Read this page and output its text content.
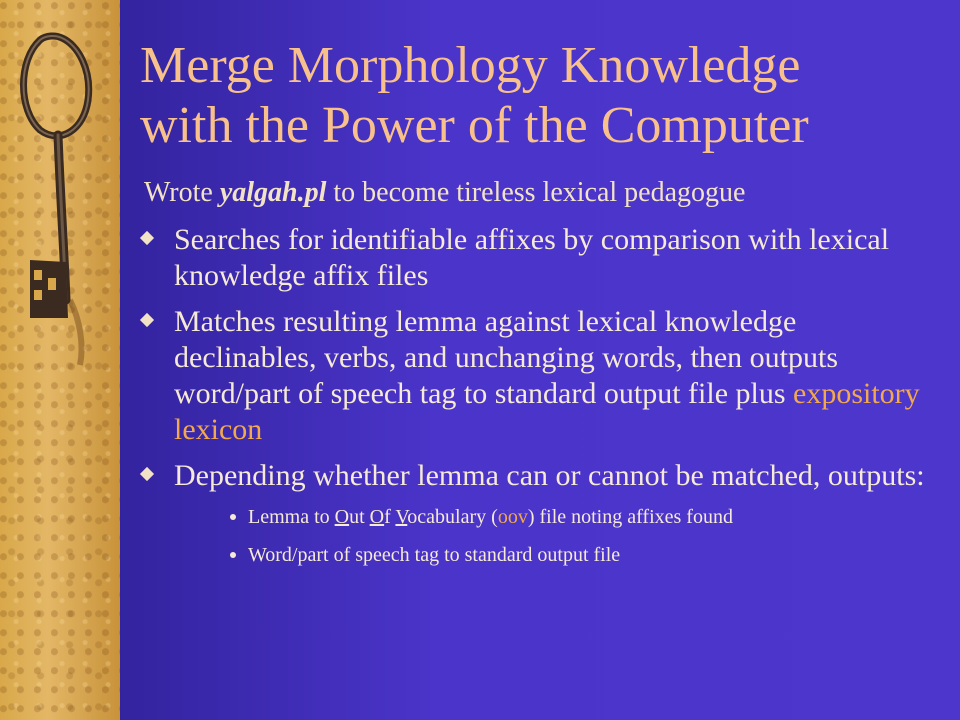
Merge Morphology Knowledge
with the Power of the Computer
Wrote yalgah.pl to become tireless lexical pedagogue
Searches for identifiable affixes by comparison with lexical knowledge affix files
Matches resulting lemma against lexical knowledge declinables, verbs, and unchanging words, then outputs word/part of speech tag to standard output file plus expository lexicon
Depending whether lemma can or cannot be matched, outputs:
Lemma to Out Of Vocabulary (oov) file noting affixes found
Word/part of speech tag to standard output file
